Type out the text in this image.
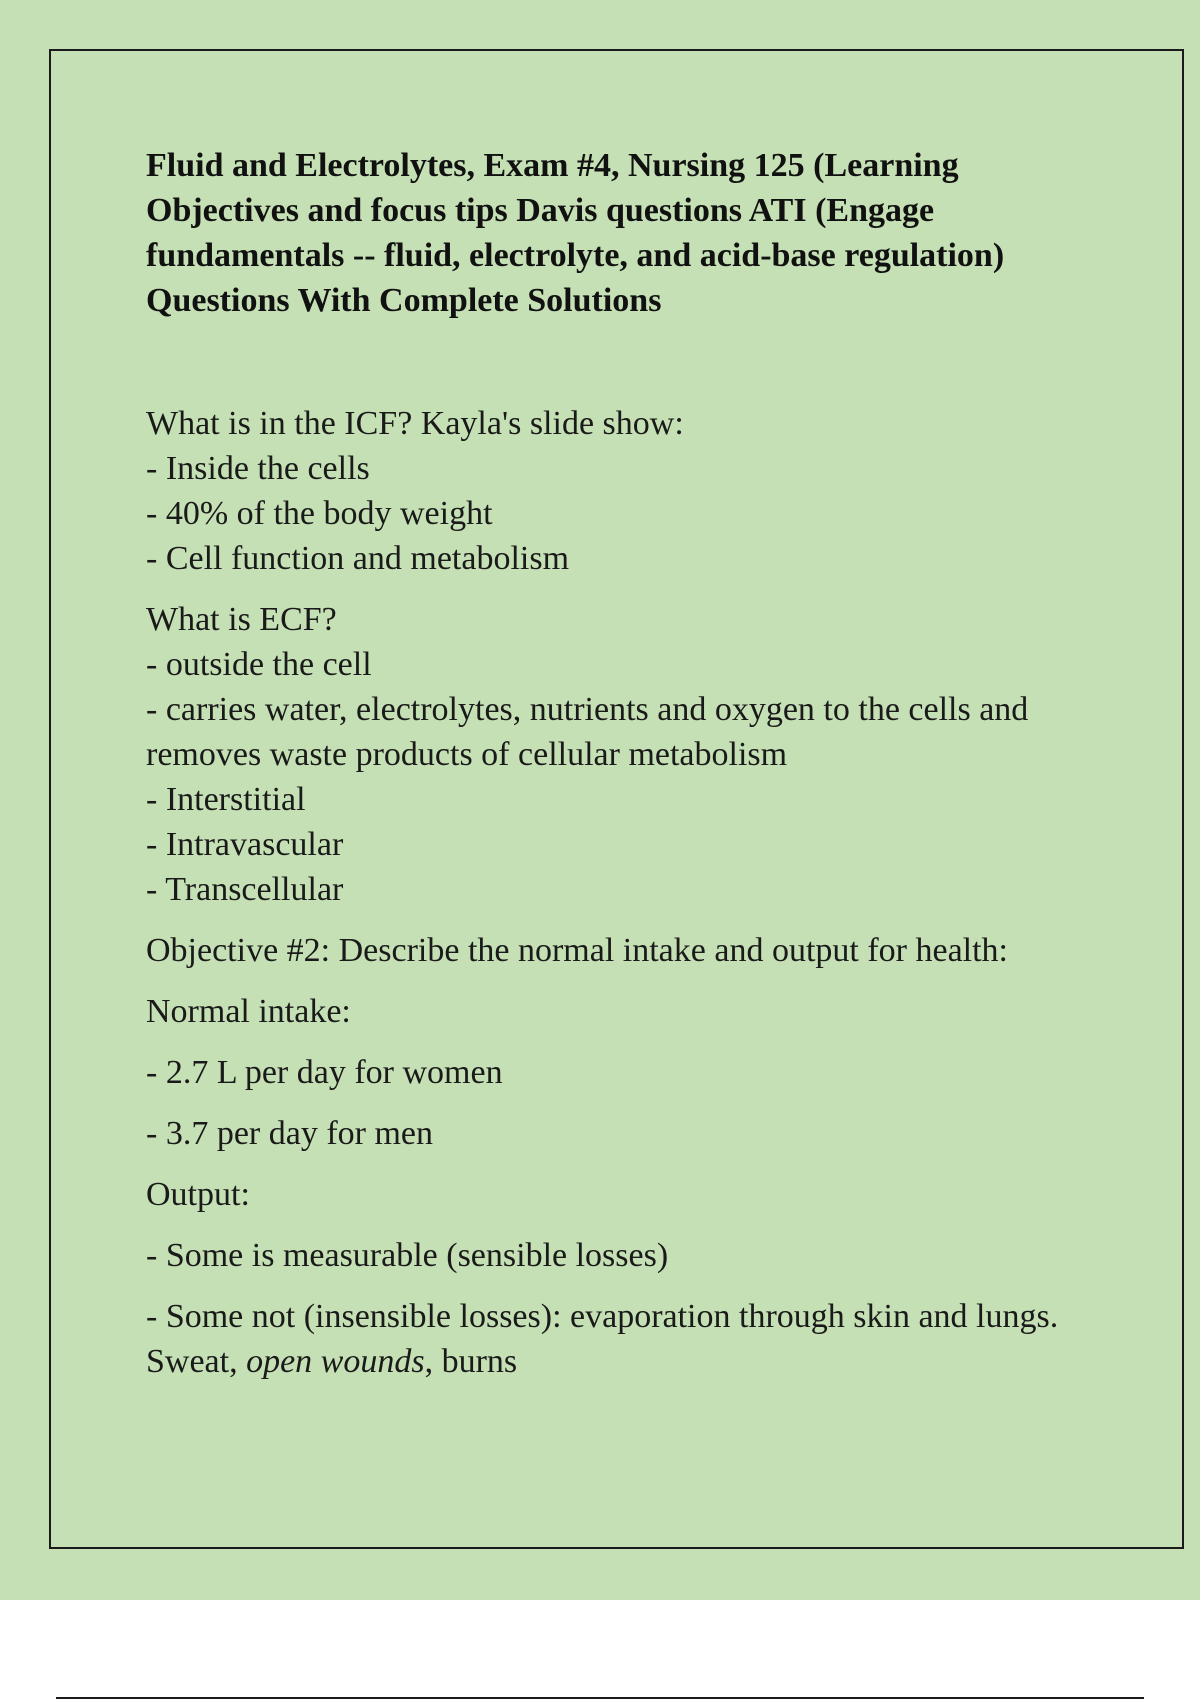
Fluid and Electrolytes, Exam #4, Nursing 125 (Learning Objectives and focus tips Davis questions ATI (Engage fundamentals -- fluid, electrolyte, and acid-base regulation) Questions With Complete Solutions

What is in the ICF? Kayla's slide show:

- Inside the cells
- 40% of the body weight
- Cell function and metabolism

What is ECF?

- outside the cell
- carries water, electrolytes, nutrients and oxygen to the cells and removes waste products of cellular metabolism
- Interstitial
- Intravascular
- Transcellular

Objective #2: Describe the normal intake and output for health:

Normal intake:

- 2.7 L per day for women

- 3.7 per day for men

Output:

- Some is measurable (sensible losses)

- Some not (insensible losses): evaporation through skin and lungs. Sweat, open wounds, burns
